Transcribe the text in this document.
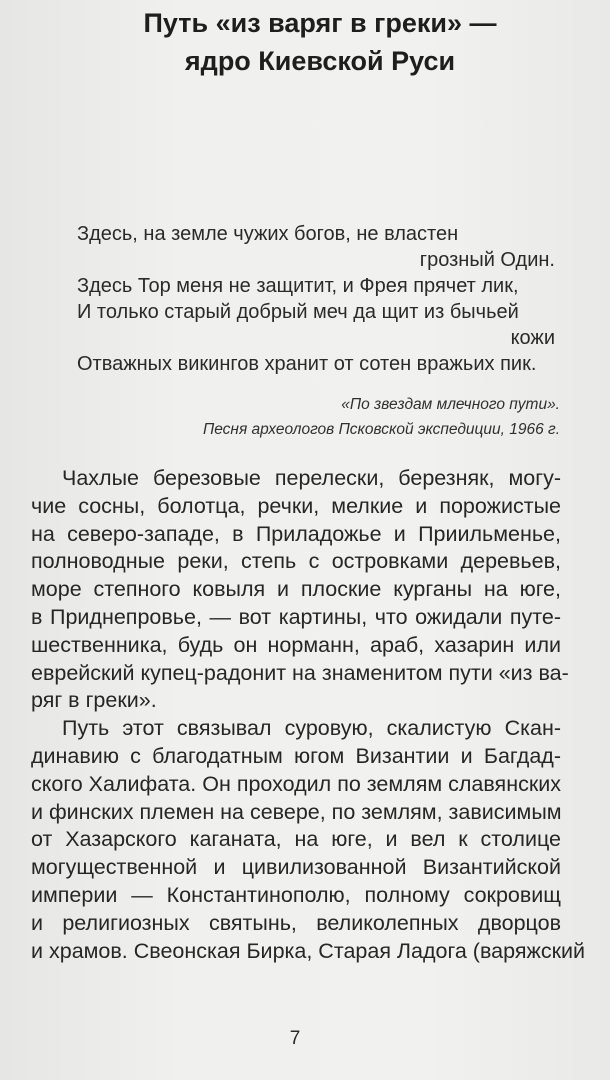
Путь «из варяг в греки» —
ядро Киевской Руси
Здесь, на земле чужих богов, не властен
грозный Один.
Здесь Тор меня не защитит, и Фрея прячет лик,
И только старый добрый меч да щит из бычьей
кожи
Отважных викингов хранит от сотен вражьих пик.
«По звездам млечного пути».
Песня археологов Псковской экспедиции, 1966 г.
Чахлые березовые перелески, березняк, могу-
чие сосны, болотца, речки, мелкие и порожистые
на северо-западе, в Приладожье и Приильменье,
полноводные реки, степь с островками деревьев,
море степного ковыля и плоские курганы на юге,
в Приднепровье, — вот картины, что ожидали путе-
шественника, будь он норманн, араб, хазарин или
еврейский купец-радонит на знаменитом пути «из ва-
ряг в греки».
Путь этот связывал суровую, скалистую Скан-
динавию с благодатным югом Византии и Багдад-
ского Халифата. Он проходил по землям славянских
и финских племен на севере, по землям, зависимым
от Хазарского каганата, на юге, и вел к столице
могущественной и цивилизованной Византийской
империи — Константинополю, полному сокровищ
и религиозных святынь, великолепных дворцов
и храмов. Свеонская Бирка, Старая Ладога (варяжский
7
